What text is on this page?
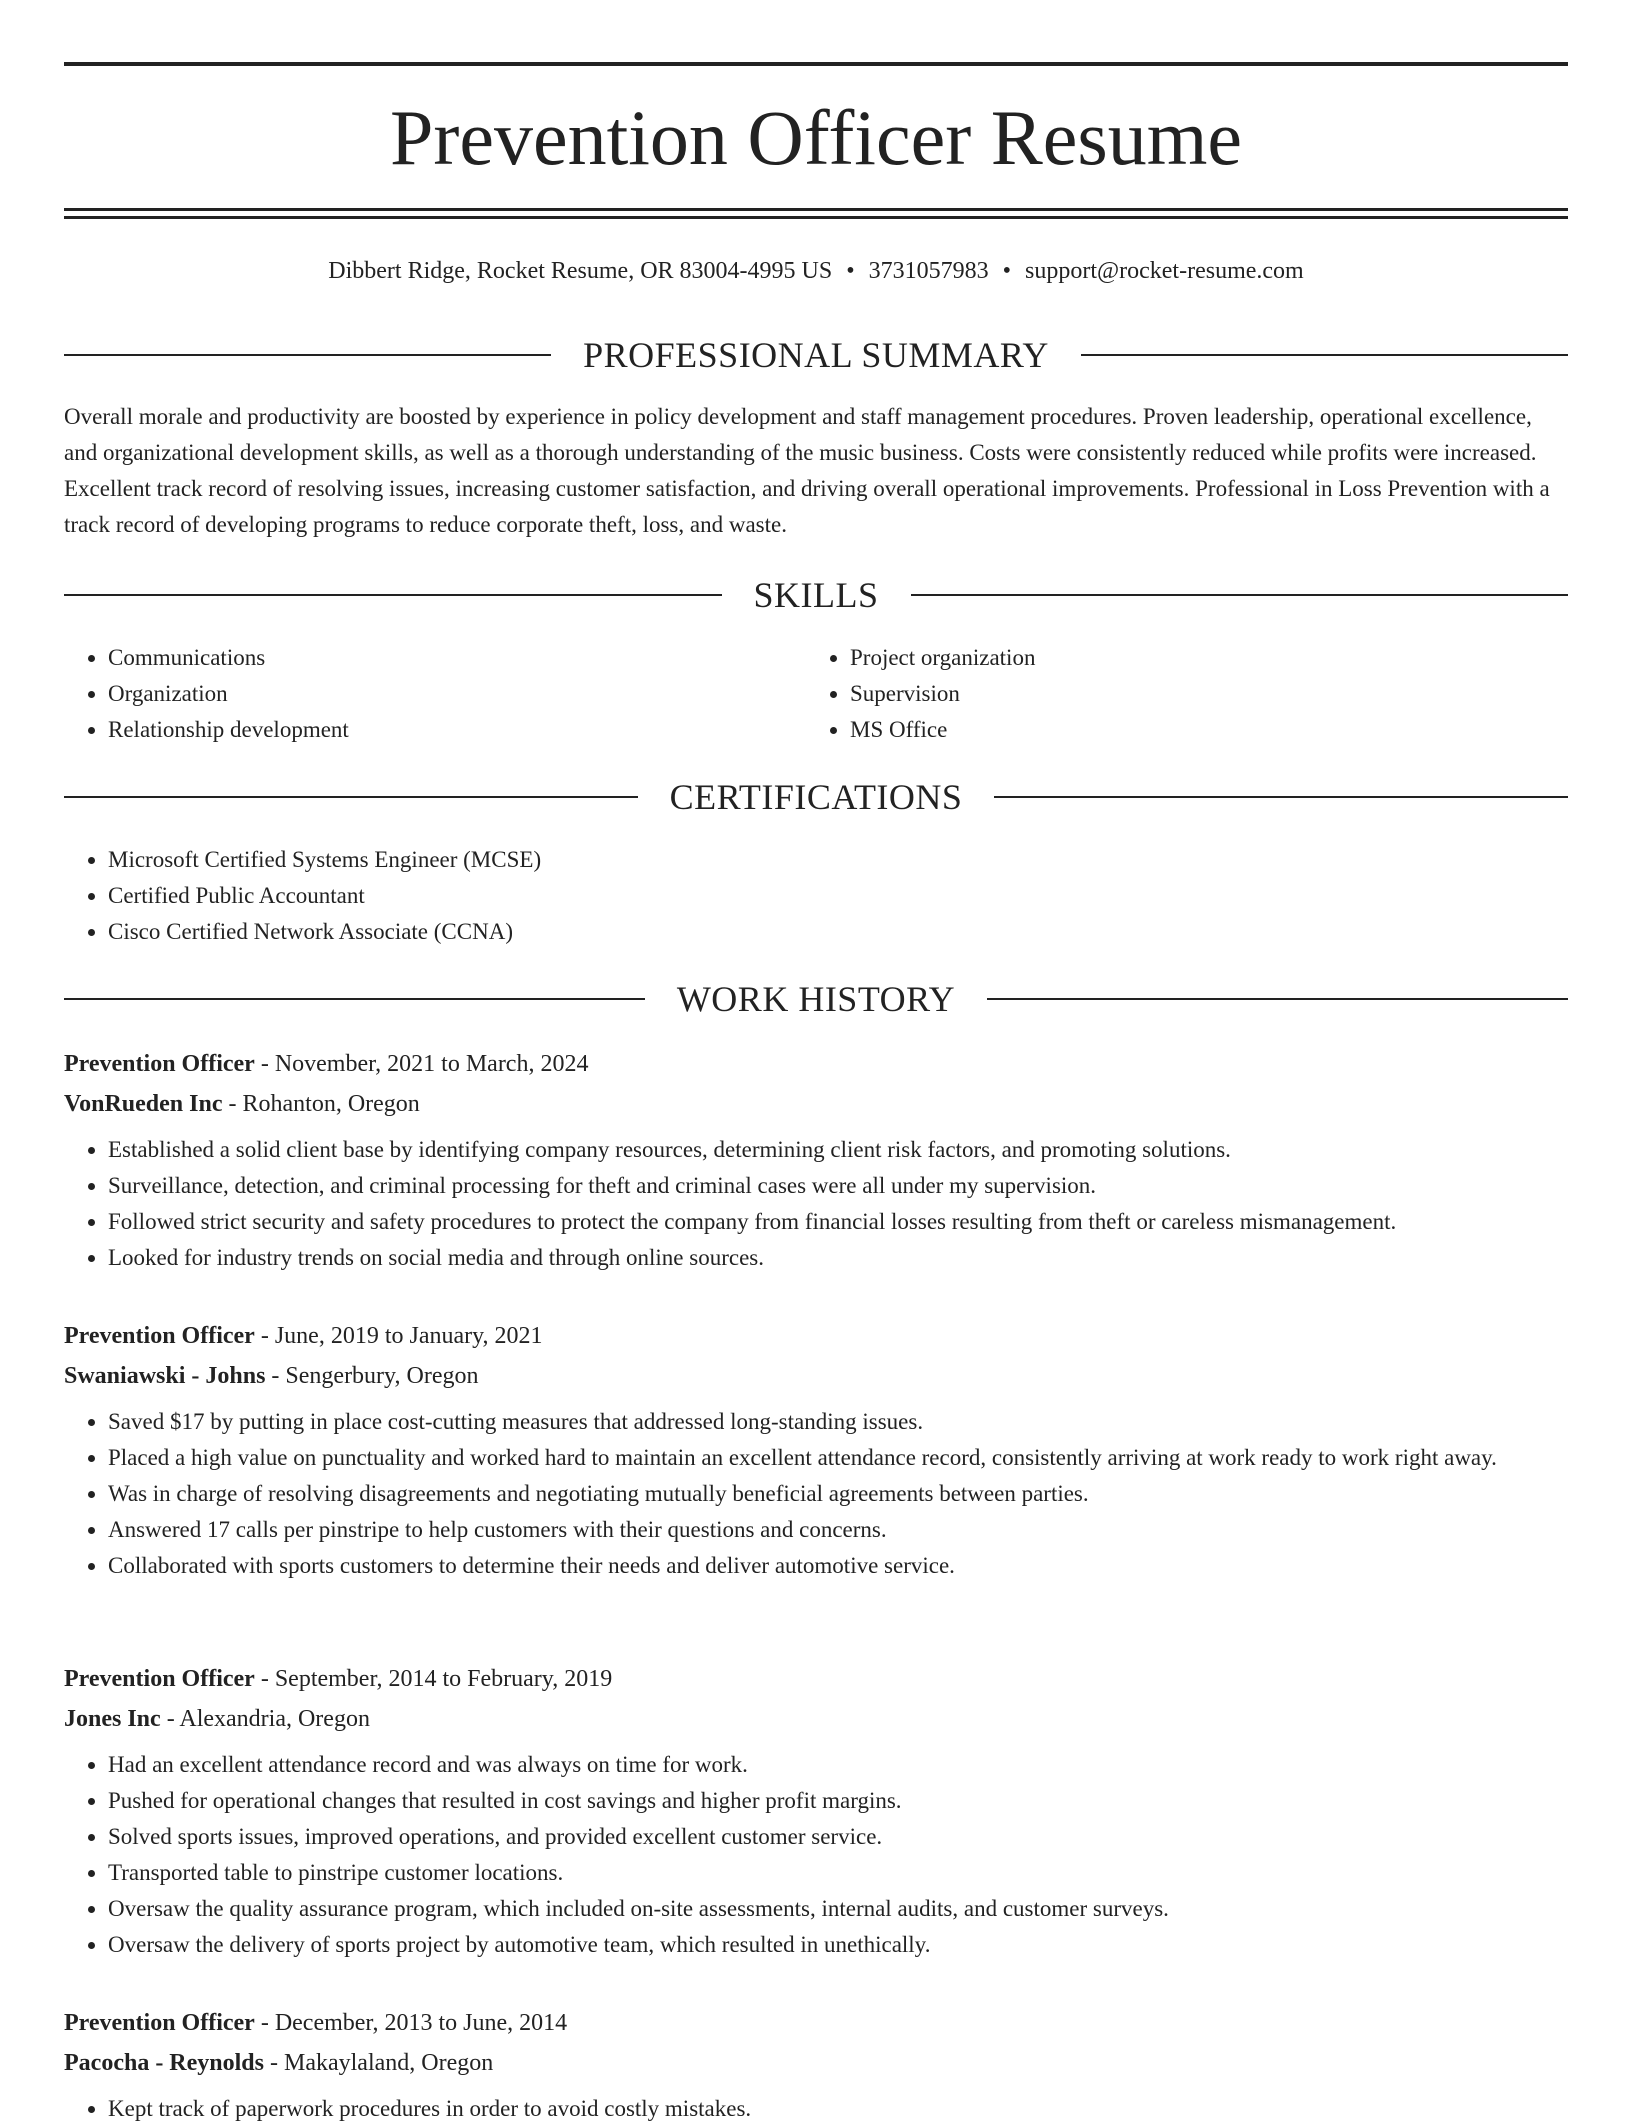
Prevention Officer Resume
Dibbert Ridge, Rocket Resume, OR 83004-4995 US • 3731057983 • support@rocket-resume.com
PROFESSIONAL SUMMARY

Overall morale and productivity are boosted by experience in policy development and staff management procedures. Proven leadership, operational excellence, and organizational development skills, as well as a thorough understanding of the music business. Costs were consistently reduced while profits were increased. Excellent track record of resolving issues, increasing customer satisfaction, and driving overall operational improvements. Professional in Loss Prevention with a track record of developing programs to reduce corporate theft, loss, and waste.

SKILLS
• Communications
• Organization
• Relationship development
• Project organization
• Supervision
• MS Office
CERTIFICATIONS
• Microsoft Certified Systems Engineer (MCSE)
• Certified Public Accountant
• Cisco Certified Network Associate (CCNA)
WORK HISTORY
Prevention Officer - November, 2021 to March, 2024
VonRueden Inc - Rohanton, Oregon
• Established a solid client base by identifying company resources, determining client risk factors, and promoting solutions.
• Surveillance, detection, and criminal processing for theft and criminal cases were all under my supervision.
• Followed strict security and safety procedures to protect the company from financial losses resulting from theft or careless mismanagement.
• Looked for industry trends on social media and through online sources.
Prevention Officer - June, 2019 to January, 2021
Swaniawski - Johns - Sengerbury, Oregon
• Saved $17 by putting in place cost-cutting measures that addressed long-standing issues.
• Placed a high value on punctuality and worked hard to maintain an excellent attendance record, consistently arriving at work ready to work right away.
• Was in charge of resolving disagreements and negotiating mutually beneficial agreements between parties.
• Answered 17 calls per pinstripe to help customers with their questions and concerns.
• Collaborated with sports customers to determine their needs and deliver automotive service.
Prevention Officer - September, 2014 to February, 2019
Jones Inc - Alexandria, Oregon
• Had an excellent attendance record and was always on time for work.
• Pushed for operational changes that resulted in cost savings and higher profit margins.
• Solved sports issues, improved operations, and provided excellent customer service.
• Transported table to pinstripe customer locations.
• Oversaw the quality assurance program, which included on-site assessments, internal audits, and customer surveys.
• Oversaw the delivery of sports project by automotive team, which resulted in unethically.
Prevention Officer - December, 2013 to June, 2014
Pacocha - Reynolds - Makaylaland, Oregon
• Kept track of paperwork procedures in order to avoid costly mistakes.
